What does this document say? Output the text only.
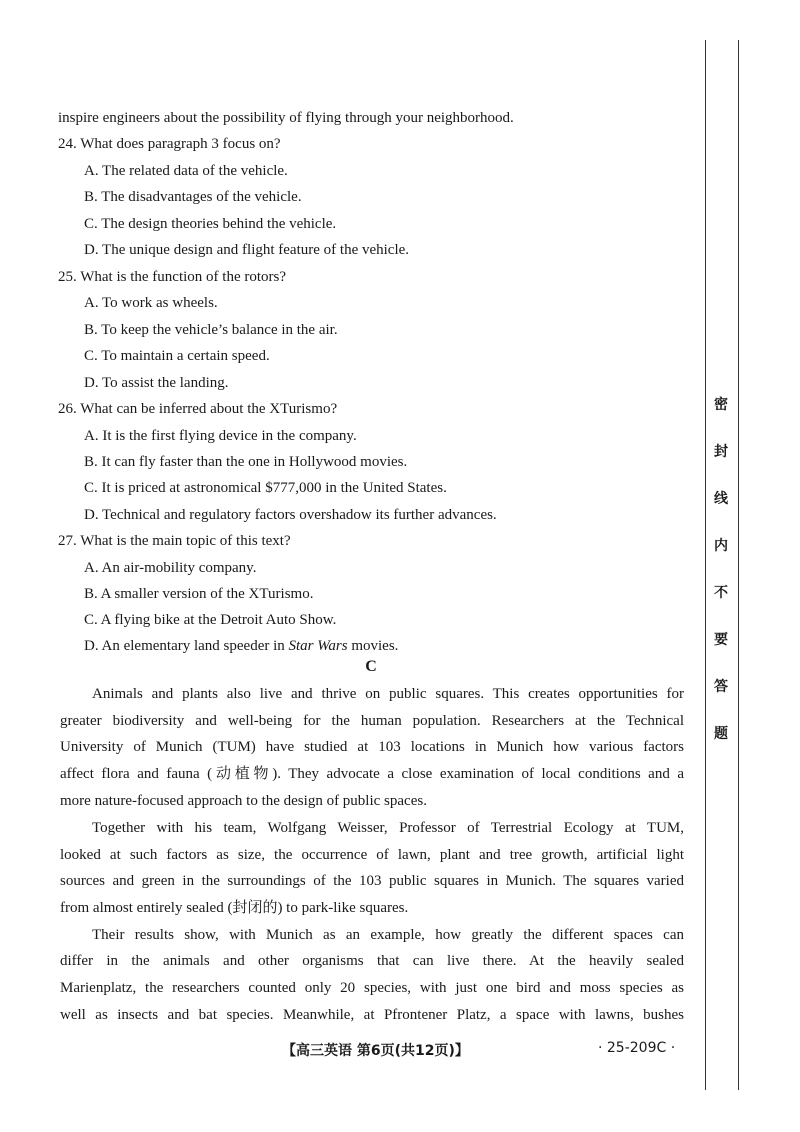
inspire engineers about the possibility of flying through your neighborhood.
24. What does paragraph 3 focus on?
A. The related data of the vehicle.
B. The disadvantages of the vehicle.
C. The design theories behind the vehicle.
D. The unique design and flight feature of the vehicle.
25. What is the function of the rotors?
A. To work as wheels.
B. To keep the vehicle’s balance in the air.
C. To maintain a certain speed.
D. To assist the landing.
26. What can be inferred about the XTurismo?
A. It is the first flying device in the company.
B. It can fly faster than the one in Hollywood movies.
C. It is priced at astronomical $777,000 in the United States.
D. Technical and regulatory factors overshadow its further advances.
27. What is the main topic of this text?
A. An air-mobility company.
B. A smaller version of the XTurismo.
C. A flying bike at the Detroit Auto Show.
D. An elementary land speeder in Star Wars movies.
C
Animals and plants also live and thrive on public squares. This creates opportunities for
greater biodiversity and well-being for the human population. Researchers at the Technical
University of Munich (TUM) have studied at 103 locations in Munich how various factors
affect flora and fauna (动植物). They advocate a close examination of local conditions and a
more nature-focused approach to the design of public spaces.
Together with his team, Wolfgang Weisser, Professor of Terrestrial Ecology at TUM,
looked at such factors as size, the occurrence of lawn, plant and tree growth, artificial light
sources and green in the surroundings of the 103 public squares in Munich. The squares varied
from almost entirely sealed (封闭的) to park-like squares.
Their results show, with Munich as an example, how greatly the different spaces can
differ in the animals and other organisms that can live there. At the heavily sealed
Marienplatz, the researchers counted only 20 species, with just one bird and moss species as
well as insects and bat species. Meanwhile, at Pfrontener Platz, a space with lawns, bushes
密
封
线
内
不
要
答
题
【高三英语 第6页(共12页)】	· 25-209C ·
